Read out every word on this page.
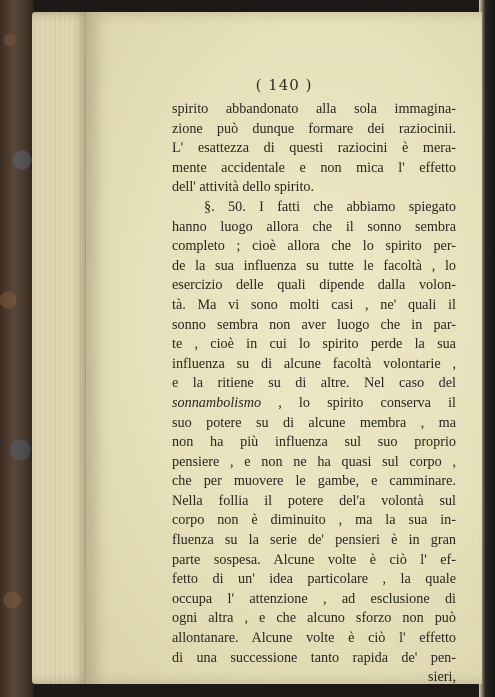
( 140 )
spirito abbandonato alla sola immagina-
zione può dunque formare dei raziocinii.
L' esattezza di questi raziocini è mera-
mente accidentale e non mica l' effetto
dell' attività dello spirito.
§. 50. I fatti che abbiamo spiegato
hanno luogo allora che il sonno sembra
completo ; cioè allora che lo spirito per-
de la sua influenza su tutte le facoltà , lo
esercizio delle quali dipende dalla volon-
tà. Ma vi sono molti casi , ne' quali il
sonno sembra non aver luogo che in par-
te , cioè in cui lo spirito perde la sua
influenza su di alcune facoltà volontarie ,
e la ritiene su di altre. Nel caso del
sonnambolismo , lo spirito conserva il
suo potere su di alcune membra , ma
non ha più influenza sul suo proprio
pensiere , e non ne ha quasi sul corpo ,
che per muovere le gambe, e camminare.
Nella follia il potere del'a volontà sul
corpo non è diminuito , ma la sua in-
fluenza su la serie de' pensieri è in gran
parte sospesa. Alcune volte è ciò l' ef-
fetto di un' idea particolare , la quale
occupa l' attenzione , ad esclusione di
ogni altra , e che alcuno sforzo non può
allontanare. Alcune volte è ciò l' effetto
di una successione tanto rapida de' pen-
sieri,
